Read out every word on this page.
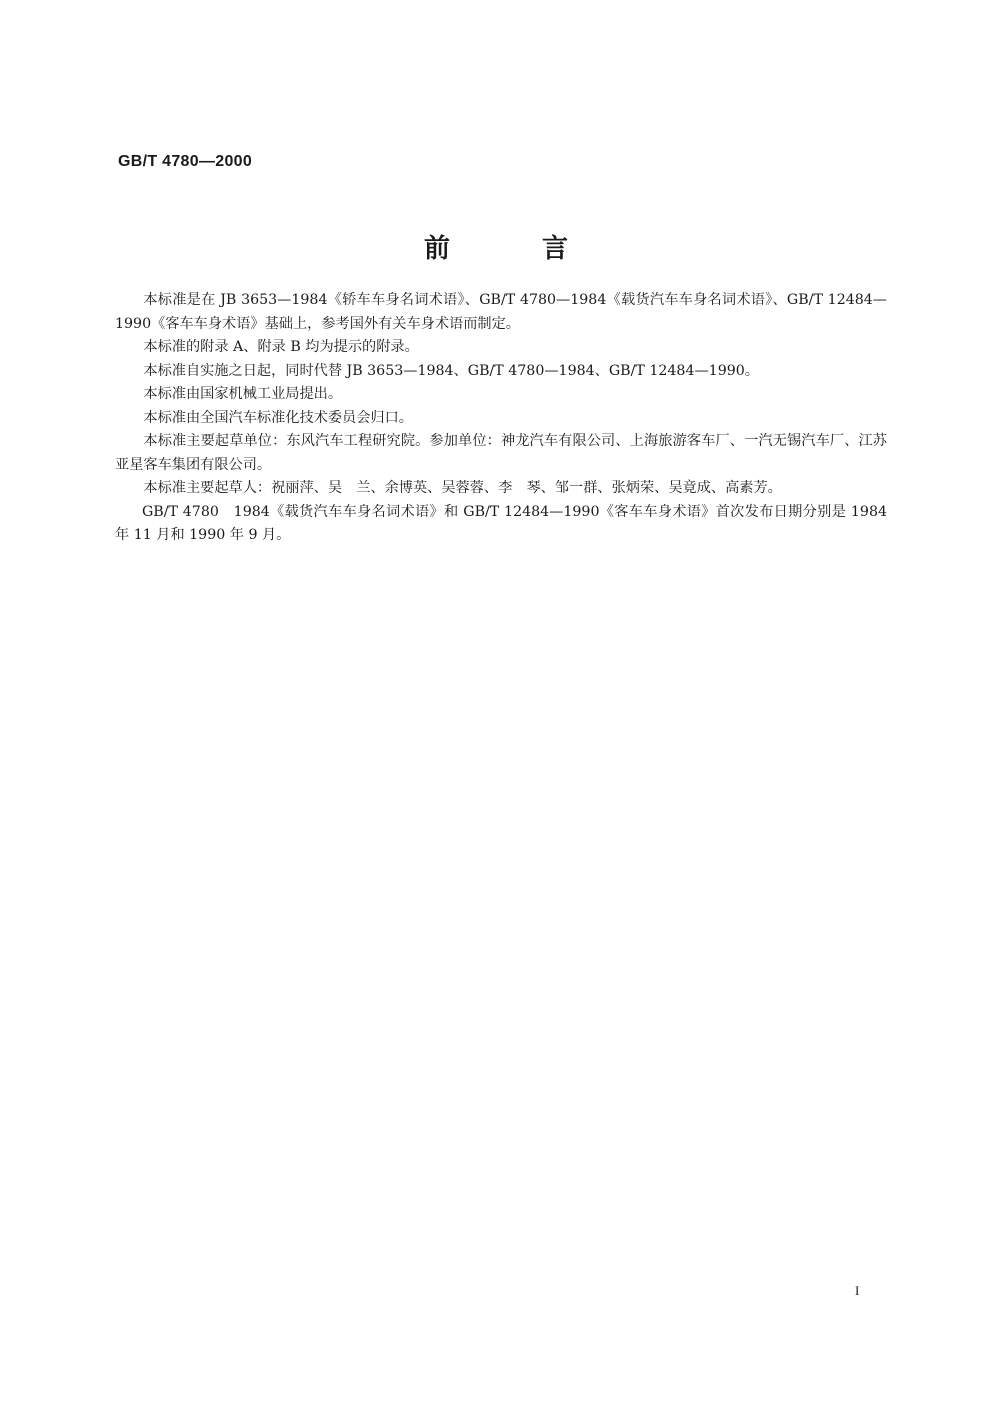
GB/T 4780—2000
前	言

本标准是在 JB 3653—1984《轿车车身名词术语》、GB/T 4780—1984《载货汽车车身名词术语》、GB/T 12484—1990《客车车身术语》基础上，参考国外有关车身术语而制定。

本标准的附录 A、附录 B 均为提示的附录。

本标准自实施之日起，同时代替 JB 3653—1984、GB/T 4780—1984、GB/T 12484—1990。

本标准由国家机械工业局提出。

本标准由全国汽车标准化技术委员会归口。

本标准主要起草单位：东风汽车工程研究院。参加单位：神龙汽车有限公司、上海旅游客车厂、一汽无锡汽车厂、江苏亚星客车集团有限公司。

本标准主要起草人：祝丽萍、吴　兰、余博英、吴蓉蓉、李　琴、邹一群、张炳荣、吴竟成、高素芳。

GB/T 4780　1984《载货汽车车身名词术语》和 GB/T 12484—1990《客车车身术语》首次发布日期分别是 1984 年 11 月和 1990 年 9 月。

I
